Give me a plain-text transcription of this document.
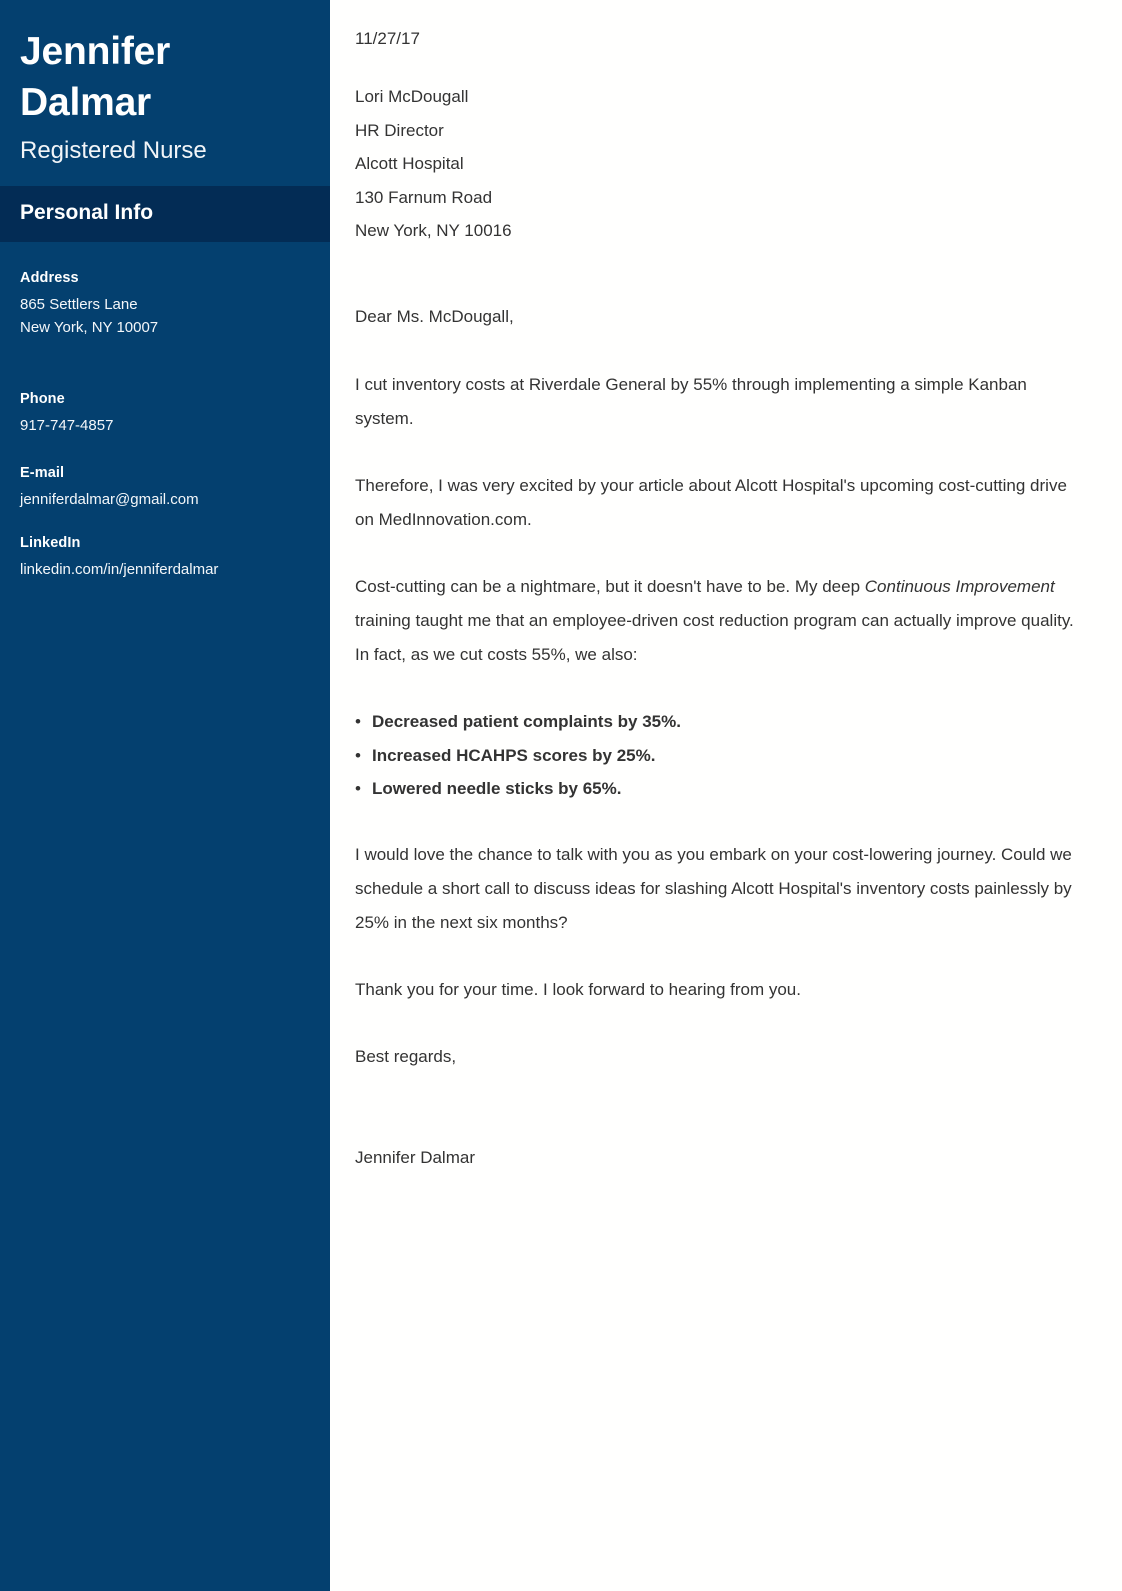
Jennifer Dalmar

Registered Nurse

Personal Info

Address

865 Settlers Lane

New York, NY 10007

Phone

917-747-4857

E-mail

jenniferdalmar@gmail.com

LinkedIn

linkedin.com/in/jenniferdalmar

11/27/17

Lori McDougall

HR Director

Alcott Hospital

130 Farnum Road

New York, NY 10016

Dear Ms. McDougall,

I cut inventory costs at Riverdale General by 55% through implementing a simple Kanban system.

Therefore, I was very excited by your article about Alcott Hospital's upcoming cost-cutting drive on MedInnovation.com.

Cost-cutting can be a nightmare, but it doesn't have to be. My deep Continuous Improvement training taught me that an employee-driven cost reduction program can actually improve quality. In fact, as we cut costs 55%, we also:

• Decreased patient complaints by 35%.
• Increased HCAHPS scores by 25%.
• Lowered needle sticks by 65%.

I would love the chance to talk with you as you embark on your cost-lowering journey. Could we schedule a short call to discuss ideas for slashing Alcott Hospital's inventory costs painlessly by 25% in the next six months?

Thank you for your time. I look forward to hearing from you.

Best regards,

Jennifer Dalmar
